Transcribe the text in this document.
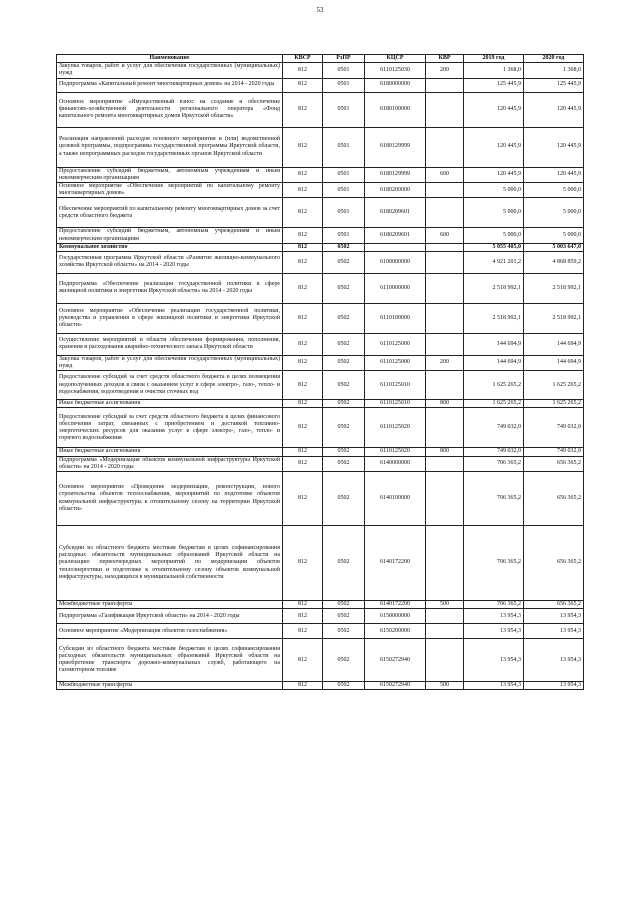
53
Наименование	КВСР	РзПР	КЦСР	КВР	2019 год	2020 год
Закупка товаров, работ и услуг для обеспечения государственных (муниципальных) нужд	812	0501	6110125030	200	1 368,0	1 368,0
Подпрограмма «Капитальный ремонт многоквартирных домов» на 2014 - 2020 годы	812	0501	6180000000		125 445,9	125 445,9
Основное мероприятие «Имущественный взнос на создание и обеспечение финансово-хозяйственной деятельности регионального оператора «Фонд капитального ремонта многоквартирных домов Иркутской области»	812	0501	6180100000		120 445,9	120 445,9
Реализация направлений расходов основного мероприятия и (или) ведомственной целевой программы, подпрограммы государственной программы Иркутской области, а также непрограммных расходов государственных органов Иркутской области	812	0501	6180129999		120 445,9	120 445,9
Предоставление субсидий бюджетным, автономным учреждениям и иным некоммерческим организациям	812	0501	6180129999	600	120 445,9	120 445,9
Основное мероприятие «Обеспечение мероприятий по капитальному ремонту многоквартирных домов»	812	0501	6180200000		5 000,0	5 000,0
Обеспечение мероприятий по капитальному ремонту многоквартирных домов за счет средств областного бюджета	812	0501	6180209601		5 000,0	5 000,0
Предоставление субсидий бюджетным, автономным учреждениям и иным некоммерческим организациям	812	0501	6180209601	600	5 000,0	5 000,0
Коммунальное хозяйство	812	0502			5 055 405,0	5 003 647,0
Государственная программа Иркутской области «Развитие жилищно-коммунального хозяйства Иркутской области» на 2014 - 2020 годы	812	0502	6100000000		4 921 201,2	4 868 859,2
Подпрограмма «Обеспечение реализации государственной политики в сфере жилищной политики и энергетики Иркутской области» на 2014 - 2020 годы	812	0502	6110000000		2 518 992,1	2 518 992,1
Основное мероприятие «Обеспечение реализации государственной политики, руководства и управления в сфере жилищной политики и энергетики Иркутской области»	812	0502	6110100000		2 518 992,1	2 518 992,1
Осуществление мероприятий в области обеспечения формирования, пополнения, хранения и расходования аварийно-технического запаса Иркутской области	812	0502	6110125000		144 694,9	144 694,9
Закупка товаров, работ и услуг для обеспечения государственных (муниципальных) нужд	812	0502	6110125000	200	144 694,9	144 694,9
Предоставление субсидий за счет средств областного бюджета в целях возмещения недополученных доходов в связи с оказанием услуг в сфере электро-, газо-, тепло- и водоснабжения, водоотведения и очистки сточных вод	812	0502	6110125010		1 625 265,2	1 625 265,2
Иные бюджетные ассигнования	812	0502	6110125010	800	1 625 265,2	1 625 265,2
Предоставление субсидий за счет средств областного бюджета в целях финансового обеспечения затрат, связанных с приобретением и доставкой топливно-энергетических ресурсов для оказания услуг в сфере электро-, газо-, тепло- и горячего водоснабжения	812	0502	6110125020		749 032,0	749 032,0
Иные бюджетные ассигнования	812	0502	6110125020	800	749 032,0	749 032,0
Подпрограмма «Модернизация объектов коммунальной инфраструктуры Иркутской области» на 2014 - 2020 годы	812	0502	6140000000		706 365,2	656 365,2
Основное мероприятие «Проведение модернизации, реконструкции, нового строительства объектов теплоснабжения, мероприятий по подготовке объектов коммунальной инфраструктуры к отопительному сезону на территории Иркутской области»	812	0502	6140100000		706 365,2	656 365,2
Субсидии из областного бюджета местным бюджетам в целях софинансирования расходных обязательств муниципальных образований Иркутской области на реализацию первоочередных мероприятий по модернизации объектов теплоэнергетики и подготовке к отопительному сезону объектов коммунальной инфраструктуры, находящихся в муниципальной собственности	812	0502	6140172200		706 365,2	656 365,2
Межбюджетные трансферты	812	0502	6140172200	500	706 365,2	656 365,2
Подпрограмма «Газификация Иркутской области» на 2014 - 2020 годы	812	0502	6150000000		13 954,3	13 954,3
Основное мероприятие «Модернизация объектов газоснабжения»	812	0502	6150200000		13 954,3	13 954,3
Субсидии из областного бюджета местным бюджетам в целях софинансирования расходных обязательств муниципальных образований Иркутской области на приобретение транспорта дорожно-коммунальных служб, работающего на газомоторном топливе	812	0502	6150272940		13 954,3	13 954,3
Межбюджетные трансферты	812	0502	6150272940	500	13 954,3	13 954,3
